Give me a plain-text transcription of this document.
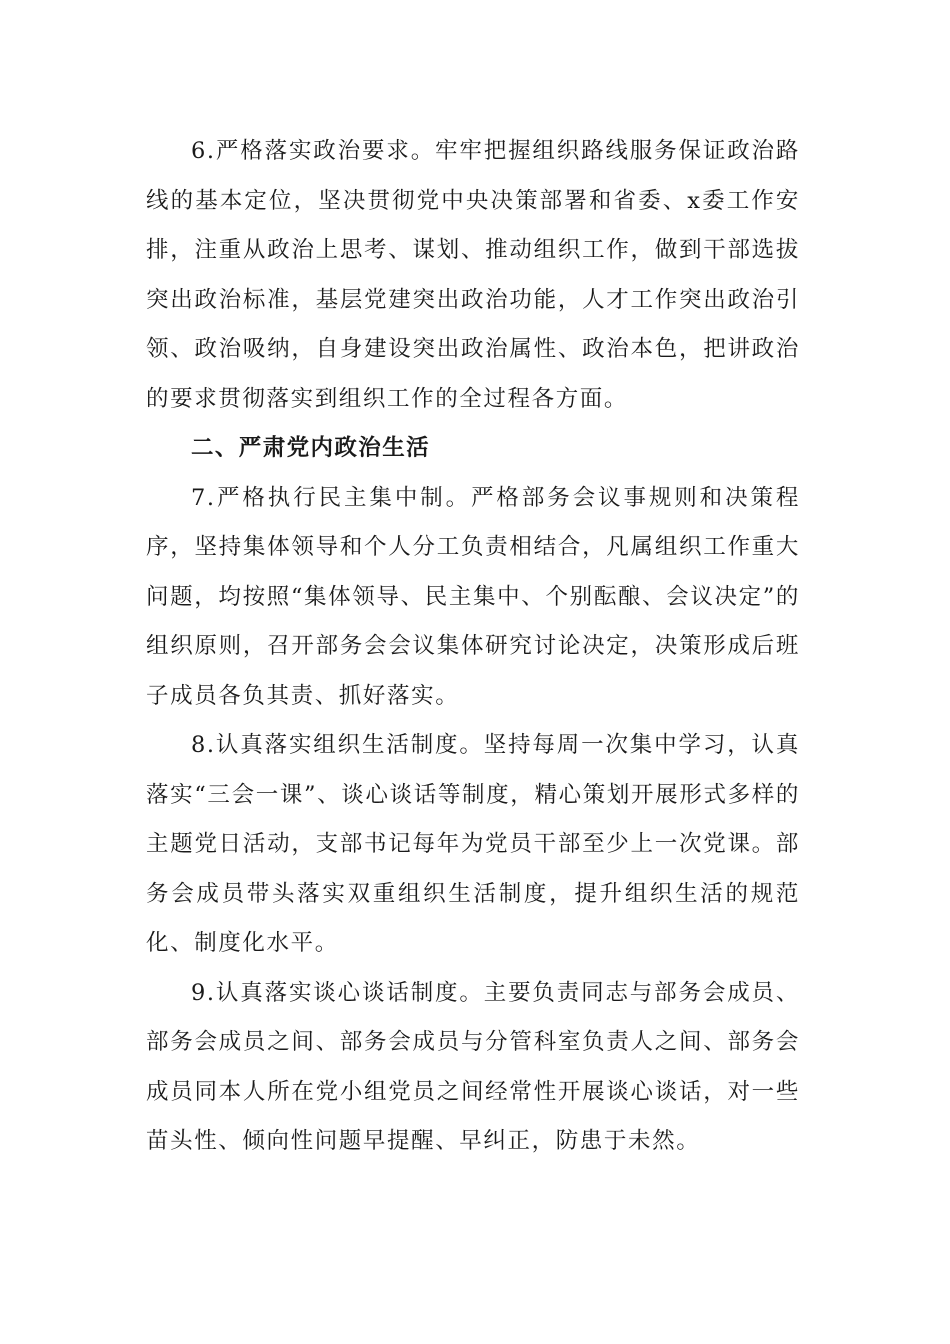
6.严格落实政治要求。牢牢把握组织路线服务保证政治路线的基本定位，坚决贯彻党中央决策部署和省委、x委工作安排，注重从政治上思考、谋划、推动组织工作，做到干部选拔突出政治标准，基层党建突出政治功能，人才工作突出政治引领、政治吸纳，自身建设突出政治属性、政治本色，把讲政治的要求贯彻落实到组织工作的全过程各方面。

二、严肃党内政治生活

7.严格执行民主集中制。严格部务会议事规则和决策程序，坚持集体领导和个人分工负责相结合，凡属组织工作重大问题，均按照“集体领导、民主集中、个别酝酿、会议决定”的组织原则，召开部务会会议集体研究讨论决定，决策形成后班子成员各负其责、抓好落实。

8.认真落实组织生活制度。坚持每周一次集中学习，认真落实“三会一课”、谈心谈话等制度，精心策划开展形式多样的主题党日活动，支部书记每年为党员干部至少上一次党课。部务会成员带头落实双重组织生活制度，提升组织生活的规范化、制度化水平。

9.认真落实谈心谈话制度。主要负责同志与部务会成员、部务会成员之间、部务会成员与分管科室负责人之间、部务会成员同本人所在党小组党员之间经常性开展谈心谈话，对一些苗头性、倾向性问题早提醒、早纠正，防患于未然。
